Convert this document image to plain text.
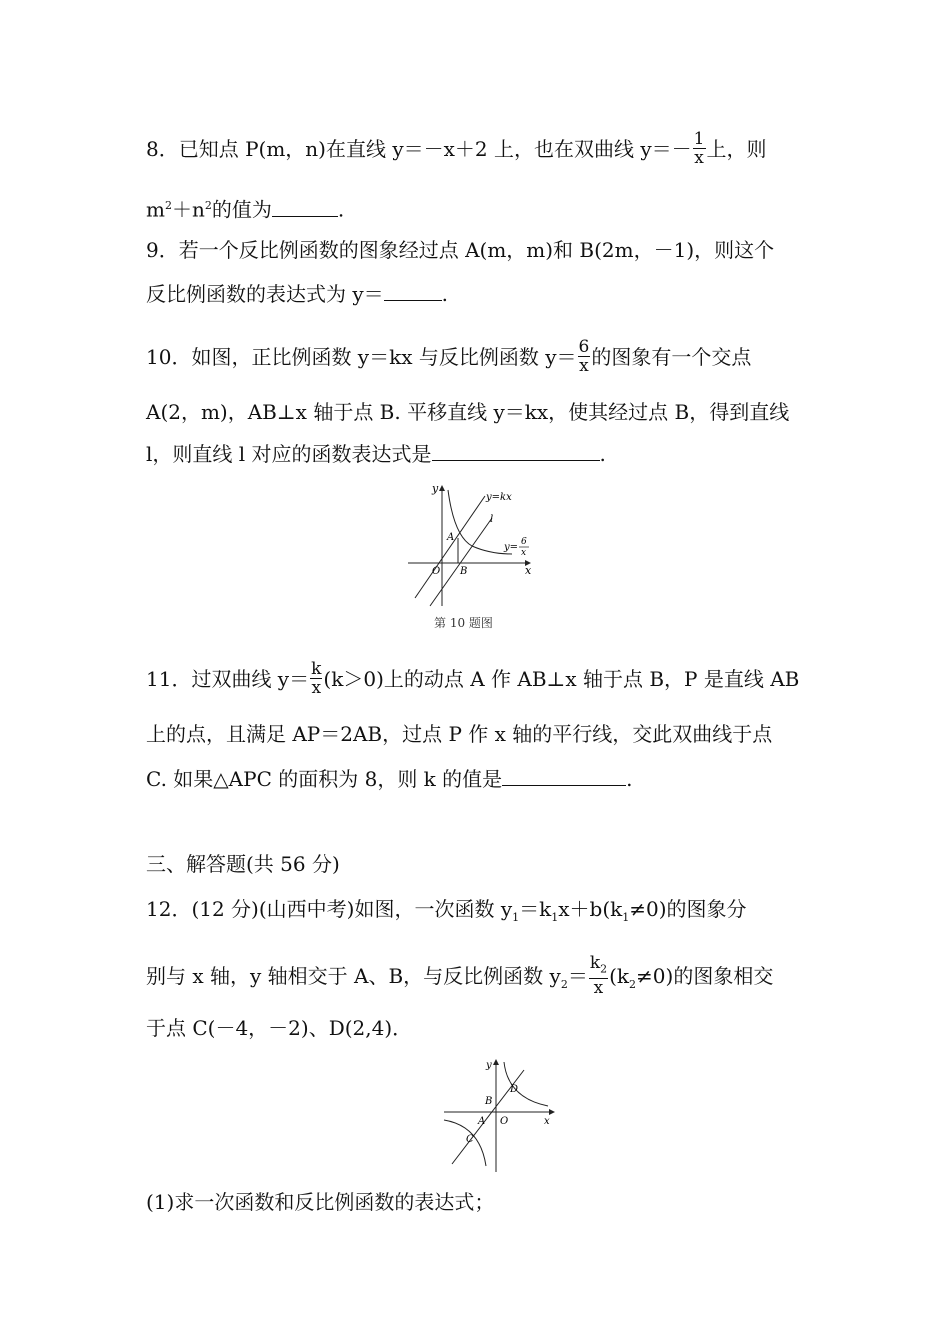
8．已知点 P(m，n)在直线 y＝－x＋2 上，也在双曲线 $y=- \frac{1}{x}$ 上，则
$m^2+n^2$的值为	.
9．若一个反比例函数的图象经过点 A(m，m)和 B(2m，－1)，则这个
反比例函数的表达式为 y＝	.
10．如图，正比例函数 y＝kx 与反比例函数 $y= \frac{6}{x}$ 的图象有一个交点
A(2，m)，AB⊥x 轴于点 B. 平移直线 y＝kx，使其经过点 B，得到直线
l，则直线 l 对应的函数表达式是	.
y
x
y=kx
l
A
O B
y= 6
x
第 10 题图
11．过双曲线 $y= \frac{k}{x} (k>0)$上的动点 A 作 AB⊥x 轴于点 B，P 是直线 AB
上的点，且满足 AP＝2AB，过点 P 作 x 轴的平行线，交此双曲线于点
C. 如果△APC 的面积为 8，则 k 的值是	.
三、解答题(共 56 分)
12．(12 分)(山西中考)如图，一次函数 $y_1=k_1x+b(k_1\ne 0)$的图象分
别与 x 轴，y 轴相交于 A、B，与反比例函数 $y_2= \frac{k_2}{x} (k_2\ne 0)$的图象相交
于点 C(－4，－2)、D(2,4)．
y
x
D
B
A O
C
(1)求一次函数和反比例函数的表达式；
